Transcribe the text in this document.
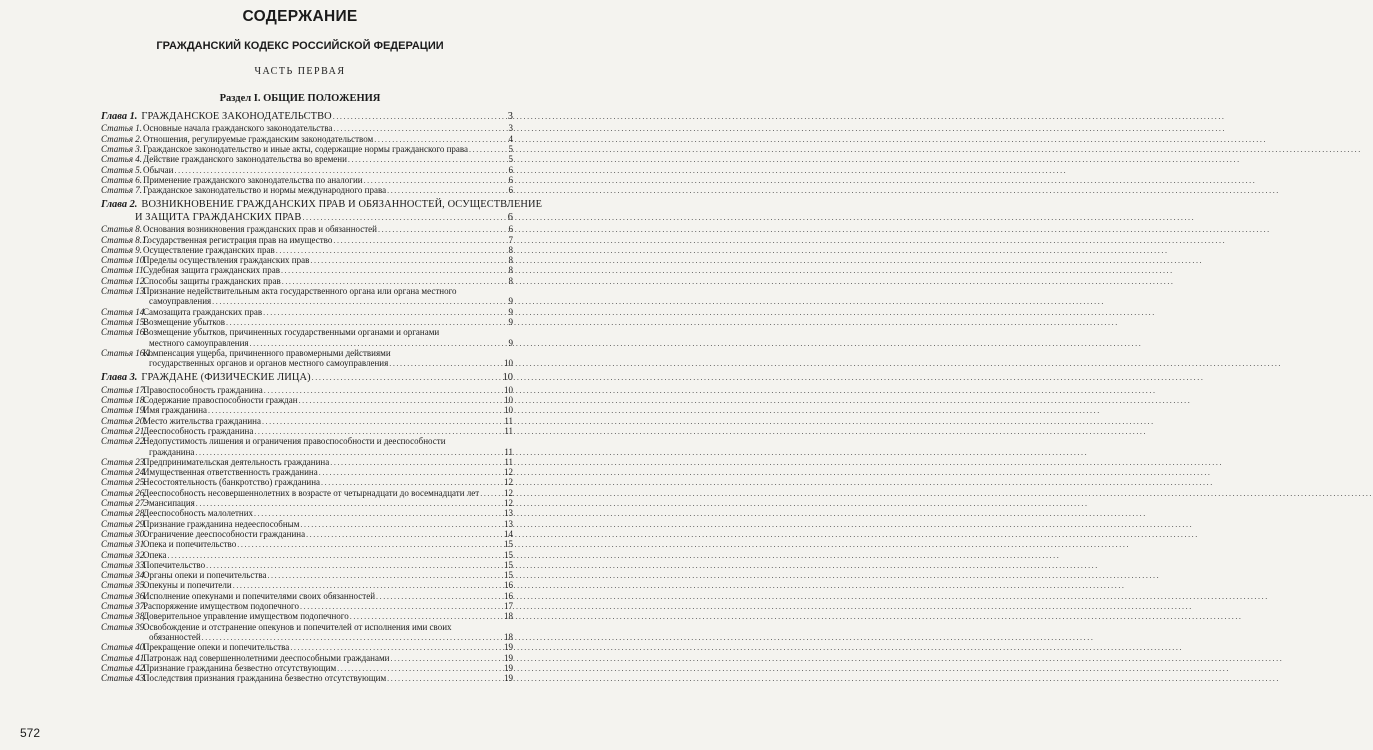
СОДЕРЖАНИЕ
ГРАЖДАНСКИЙ КОДЕКС РОССИЙСКОЙ ФЕДЕРАЦИИ
ЧАСТЬ ПЕРВАЯ
Раздел I. ОБЩИЕ ПОЛОЖЕНИЯ
Глава 1. ГРАЖДАНСКОЕ ЗАКОНОДАТЕЛЬСТВО .....	3
Статья 1. Основные начала гражданского законодательства .....	3
Статья 2. Отношения, регулируемые гражданским законодательством .....	4
Статья 3. Гражданское законодательство и иные акты, содержащие нормы гражданского права .....	5
Статья 4. Действие гражданского законодательства во времени .....	5
Статья 5. Обычаи .....	6
Статья 6. Применение гражданского законодательства по аналогии .....	6
Статья 7. Гражданское законодательство и нормы международного права .....	6
Глава 2. ВОЗНИКНОВЕНИЕ ГРАЖДАНСКИХ ПРАВ И ОБЯЗАННОСТЕЙ, ОСУЩЕСТВЛЕНИЕ
И ЗАЩИТА ГРАЖДАНСКИХ ПРАВ .....	6
Статья 8. Основания возникновения гражданских прав и обязанностей .....	6
Статья 8.1.
Государственная регистрация прав на имущество .....	7
Статья 9. Осуществление гражданских прав .....	8
Статья 10.
Пределы осуществления гражданских прав .....	8
Статья 11.
Судебная защита гражданских прав .....	8
Статья 12.
Способы защиты гражданских прав .....	8
Статья 13.
Признание недействительным акта государственного органа или органа местного
самоуправления .....	9
Статья 14.
Самозащита гражданских прав .....	9
Статья 15.
Возмещение убытков .....	9
Статья 16.
Возмещение убытков, причиненных государственными органами и органами
местного самоуправления .....	9
Статья 16.1.
Компенсация ущерба, причиненного правомерными действиями
государственных органов и органов местного самоуправления .....	10
Глава 3. ГРАЖДАНЕ (ФИЗИЧЕСКИЕ ЛИЦА) .....	10
Статья 17.
Правоспособность гражданина .....	10
Статья 18.
Содержание правоспособности граждан .....	10
Статья 19.
Имя гражданина .....	10
Статья 20.
Место жительства гражданина .....	11
Статья 21.
Дееспособность гражданина .....	11
Статья 22.
Недопустимость лишения и ограничения правоспособности и дееспособности
гражданина .....	11
Статья 23.
Предпринимательская деятельность гражданина .....	11
Статья 24.
Имущественная ответственность гражданина .....	12
Статья 25.
Несостоятельность (банкротство) гражданина .....	12
Статья 26.
Дееспособность несовершеннолетних в возрасте от четырнадцати до восемнадцати лет .....	12
Статья 27.
Эмансипация .....	12
Статья 28.
Дееспособность малолетних .....	13
Статья 29.
Признание гражданина недееспособным .....	13
Статья 30.
Ограничение дееспособности гражданина .....	14
Статья 31.
Опека и попечительство .....	15
Статья 32.
Опека .....	15
Статья 33.
Попечительство .....	15
Статья 34.
Органы опеки и попечительства .....	15
Статья 35.
Опекуны и попечители .....	16
Статья 36.
Исполнение опекунами и попечителями своих обязанностей .....	16
Статья 37.
Распоряжение имуществом подопечного .....	17
Статья 38.
Доверительное управление имуществом подопечного .....	18
Статья 39.
Освобождение и отстранение опекунов и попечителей от исполнения ими своих
обязанностей .....	18
Статья 40.
Прекращение опеки и попечительства .....	19
Статья 41.
Патронаж над совершеннолетними дееспособными гражданами .....	19
Статья 42.
Признание гражданина безвестно отсутствующим .....	19
Статья 43.
Последствия признания гражданина безвестно отсутствующим .....	19
572
